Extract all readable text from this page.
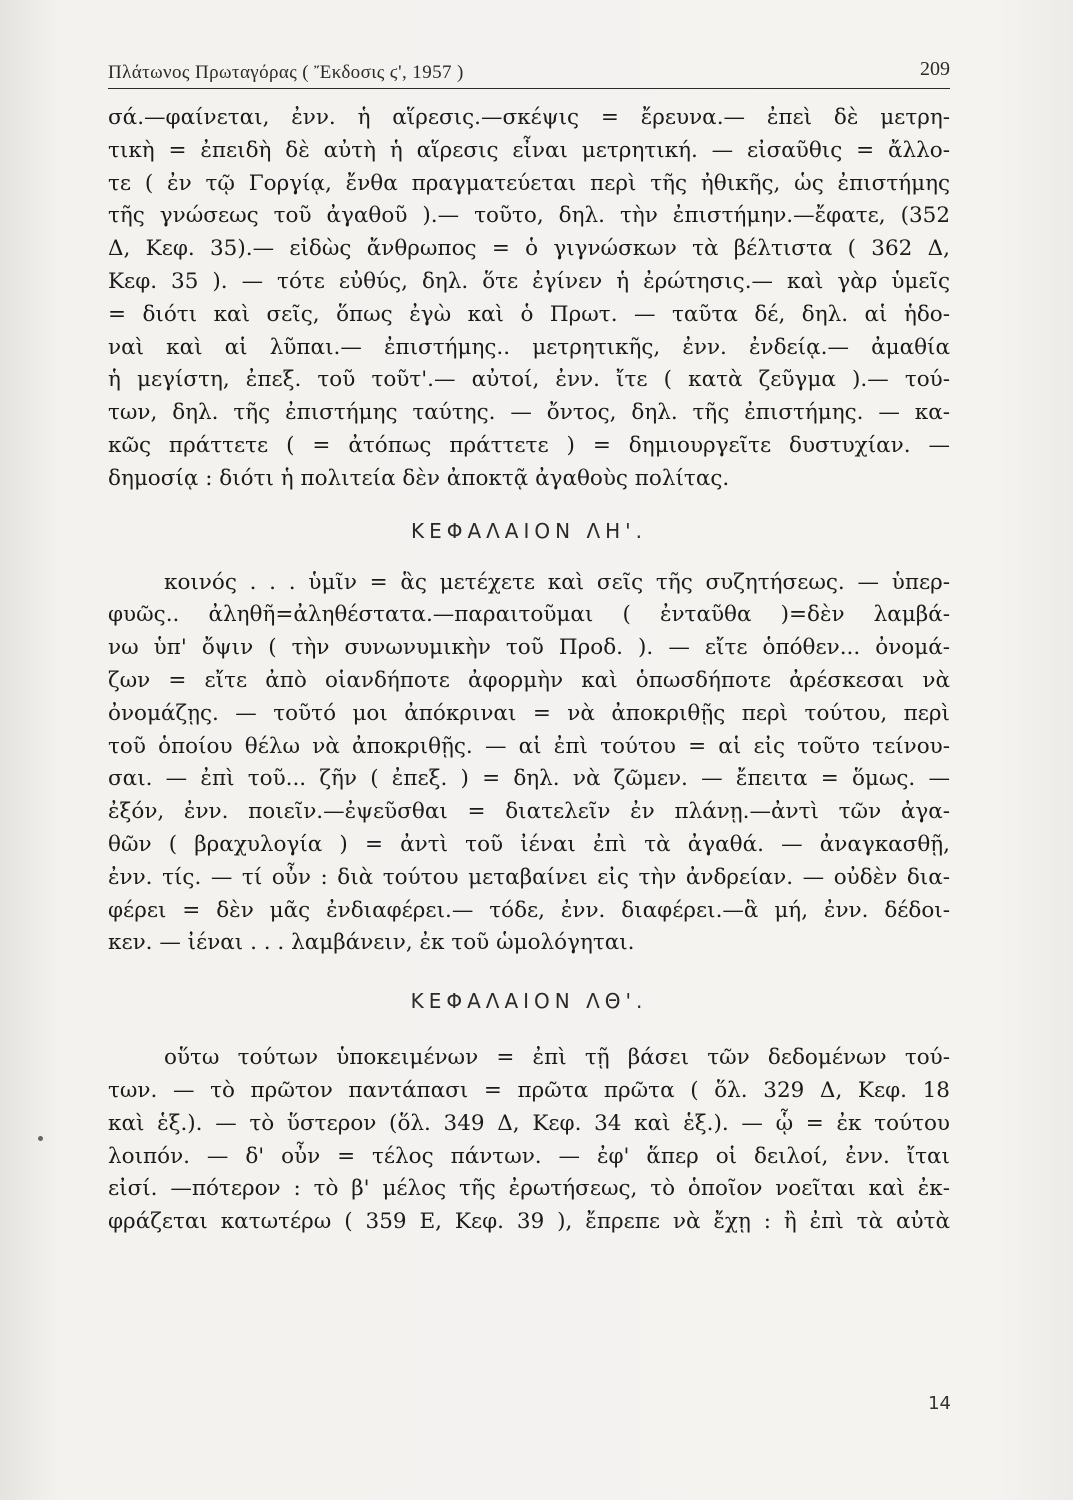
Πλάτωνος Πρωταγόρας ( Ἔκδοσις ϛ', 1957 )	209
σά.—φαίνεται, ἐνν. ἡ αἵρεσις.—σκέψις = ἔρευνα.— ἐπεὶ δὲ μετρη-
τικὴ = ἐπειδὴ δὲ αὐτὴ ἡ αἵρεσις εἶναι μετρητική. — εἰσαῦθις = ἄλλο-
τε ( ἐν τῷ Γοργίᾳ, ἔνθα πραγματεύεται περὶ τῆς ἠθικῆς, ὡς ἐπιστήμης
τῆς γνώσεως τοῦ ἀγαθοῦ ).— τοῦτο, δηλ. τὴν ἐπιστήμην.—ἔφατε, (352
Δ, Κεφ. 35).— εἰδὼς ἄνθρωπος = ὁ γιγνώσκων τὰ βέλτιστα ( 362 Δ,
Κεφ. 35 ). — τότε εὐθύς, δηλ. ὅτε ἐγίνεν ἡ ἐρώτησις.— καὶ γὰρ ὑμεῖς
= διότι καὶ σεῖς, ὅπως ἐγὼ καὶ ὁ Πρωτ. — ταῦτα δέ, δηλ. αἱ ἡδο-
ναὶ καὶ αἱ λῦπαι.— ἐπιστήμης.. μετρητικῆς, ἐνν. ἐνδείᾳ.— ἀμαθία
ἡ μεγίστη, ἐπεξ. τοῦ τοῦτ'.— αὐτοί, ἐνν. ἴτε ( κατὰ ζεῦγμα ).— τού-
των, δηλ. τῆς ἐπιστήμης ταύτης. — ὄντος, δηλ. τῆς ἐπιστήμης. — κα-
κῶς πράττετε ( = ἀτόπως πράττετε ) = δημιουργεῖτε δυστυχίαν. —
δημοσίᾳ : διότι ἡ πολιτεία δὲν ἀποκτᾷ ἀγαθοὺς πολίτας.
ΚΕΦΑΛΑΙΟΝ ΛΗ'.
κοινός . . . ὑμῖν = ἃς μετέχετε καὶ σεῖς τῆς συζητήσεως. — ὑπερ-
φυῶς.. ἀληθῆ=ἀληθέστατα.—παραιτοῦμαι ( ἐνταῦθα )=δὲν λαμβά-
νω ὑπ' ὄψιν ( τὴν συνωνυμικὴν τοῦ Προδ. ). — εἴτε ὁπόθεν... ὀνομά-
ζων = εἴτε ἀπὸ οἱανδήποτε ἀφορμὴν καὶ ὁπωσδήποτε ἀρέσκεσαι νὰ
ὀνομάζῃς. — τοῦτό μοι ἀπόκριναι = νὰ ἀποκριθῇς περὶ τούτου, περὶ
τοῦ ὁποίου θέλω νὰ ἀποκριθῇς. — αἱ ἐπὶ τούτου = αἱ εἰς τοῦτο τείνου-
σαι. — ἐπὶ τοῦ... ζῆν ( ἐπεξ. ) = δηλ. νὰ ζῶμεν. — ἔπειτα = ὅμως. —
ἐξόν, ἐνν. ποιεῖν.—ἐψεῦσθαι = διατελεῖν ἐν πλάνῃ.—ἀντὶ τῶν ἀγα-
θῶν ( βραχυλογία ) = ἀντὶ τοῦ ἰέναι ἐπὶ τὰ ἀγαθά. — ἀναγκασθῇ,
ἐνν. τίς. — τί οὖν : διὰ τούτου μεταβαίνει εἰς τὴν ἀνδρείαν. — οὐδὲν δια-
φέρει = δὲν μᾶς ἐνδιαφέρει.— τόδε, ἐνν. διαφέρει.—ἃ μή, ἐνν. δέδοι-
κεν. — ἰέναι . . . λαμβάνειν, ἐκ τοῦ ὡμολόγηται.
ΚΕΦΑΛΑΙΟΝ ΛΘ'.
οὕτω τούτων ὑποκειμένων = ἐπὶ τῇ βάσει τῶν δεδομένων τού-
των. — τὸ πρῶτον παντάπασι = πρῶτα πρῶτα ( ὅλ. 329 Δ, Κεφ. 18
καὶ ἑξ.). — τὸ ὕστερον (ὅλ. 349 Δ, Κεφ. 34 καὶ ἑξ.). — ᾧ = ἐκ τούτου
λοιπόν. — δ' οὖν = τέλος πάντων. — ἐφ' ἅπερ οἱ δειλοί, ἐνν. ἴται
εἰσί. —πότερον : τὸ β' μέλος τῆς ἐρωτήσεως, τὸ ὁποῖον νοεῖται καὶ ἐκ-
φράζεται κατωτέρω ( 359 Ε, Κεφ. 39 ), ἔπρεπε νὰ ἔχῃ : ἢ ἐπὶ τὰ αὐτὰ
14
